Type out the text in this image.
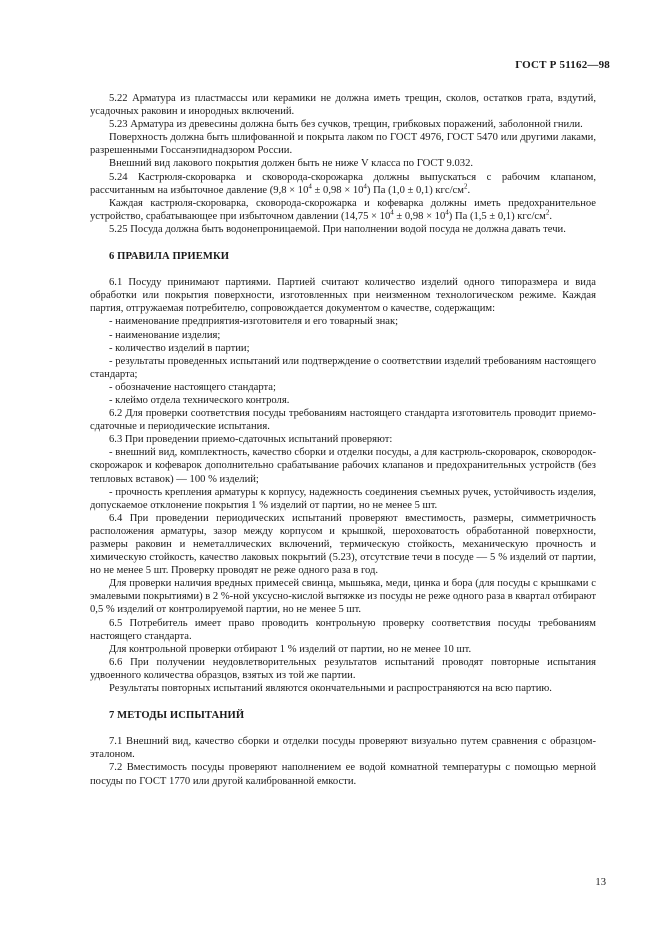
ГОСТ Р 51162—98

5.22 Арматура из пластмассы или керамики не должна иметь трещин, сколов, остатков грата, вздутий, усадочных раковин и инородных включений.

5.23 Арматура из древесины должна быть без сучков, трещин, грибковых поражений, заболонной гнили.

Поверхность должна быть шлифованной и покрыта лаком по ГОСТ 4976, ГОСТ 5470 или другими лаками, разрешенными Госсанэпиднадзором России.

Внешний вид лакового покрытия должен быть не ниже V класса по ГОСТ 9.032.

5.24 Кастрюля-скороварка и сковорода-скорожарка должны выпускаться с рабочим клапаном, рассчитанным на избыточное давление $(9,8 \times 10^4 \pm 0,98 \times 10^4)$ Па (1,0 ± 0,1) кгс/$см^2$.

Каждая кастрюля-скороварка, сковорода-скорожарка и кофеварка должны иметь предохранительное устройство, срабатывающее при избыточном давлении $(14,75 \times 10^4 \pm 0,98 \times 10^4)$ Па (1,5 ± 0,1) кгс/$см^2$.

5.25 Посуда должна быть водонепроницаемой. При наполнении водой посуда не должна давать течи.

6 ПРАВИЛА ПРИЕМКИ

6.1 Посуду принимают партиями. Партией считают количество изделий одного типоразмера и вида обработки или покрытия поверхности, изготовленных при неизменном технологическом режиме. Каждая партия, отгружаемая потребителю, сопровождается документом о качестве, содержащим:

- наименование предприятия-изготовителя и его товарный знак;

- наименование изделия;

- количество изделий в партии;

- результаты проведенных испытаний или подтверждение о соответствии изделий требованиям настоящего стандарта;

- обозначение настоящего стандарта;

- клеймо отдела технического контроля.

6.2 Для проверки соответствия посуды требованиям настоящего стандарта изготовитель проводит приемо-сдаточные и периодические испытания.

6.3 При проведении приемо-сдаточных испытаний проверяют:

- внешний вид, комплектность, качество сборки и отделки посуды, а для кастрюль-скороварок, сковородок-скорожарок и кофеварок дополнительно срабатывание рабочих клапанов и предохранительных устройств (без тепловых вставок) — 100 % изделий;

- прочность крепления арматуры к корпусу, надежность соединения съемных ручек, устойчивость изделия, допускаемое отклонение покрытия 1 % изделий от партии, но не менее 5 шт.

6.4 При проведении периодических испытаний проверяют вместимость, размеры, симметричность расположения арматуры, зазор между корпусом и крышкой, шероховатость обработанной поверхности, размеры раковин и неметаллических включений, термическую стойкость, механическую прочность и химическую стойкость, качество лаковых покрытий (5.23), отсутствие течи в посуде — 5 % изделий от партии, но не менее 5 шт. Проверку проводят не реже одного раза в год.

Для проверки наличия вредных примесей свинца, мышьяка, меди, цинка и бора (для посуды с крышками с эмалевыми покрытиями) в 2 %-ной уксусно-кислой вытяжке из посуды не реже одного раза в квартал отбирают 0,5 % изделий от контролируемой партии, но не менее 5 шт.

6.5 Потребитель имеет право проводить контрольную проверку соответствия посуды требованиям настоящего стандарта.

Для контрольной проверки отбирают 1 % изделий от партии, но не менее 10 шт.

6.6 При получении неудовлетворительных результатов испытаний проводят повторные испытания удвоенного количества образцов, взятых из той же партии.

Результаты повторных испытаний являются окончательными и распространяются на всю партию.

7 МЕТОДЫ ИСПЫТАНИЙ

7.1 Внешний вид, качество сборки и отделки посуды проверяют визуально путем сравнения с образцом-эталоном.

7.2 Вместимость посуды проверяют наполнением ее водой комнатной температуры с помощью мерной посуды по ГОСТ 1770 или другой калиброванной емкости.

13
